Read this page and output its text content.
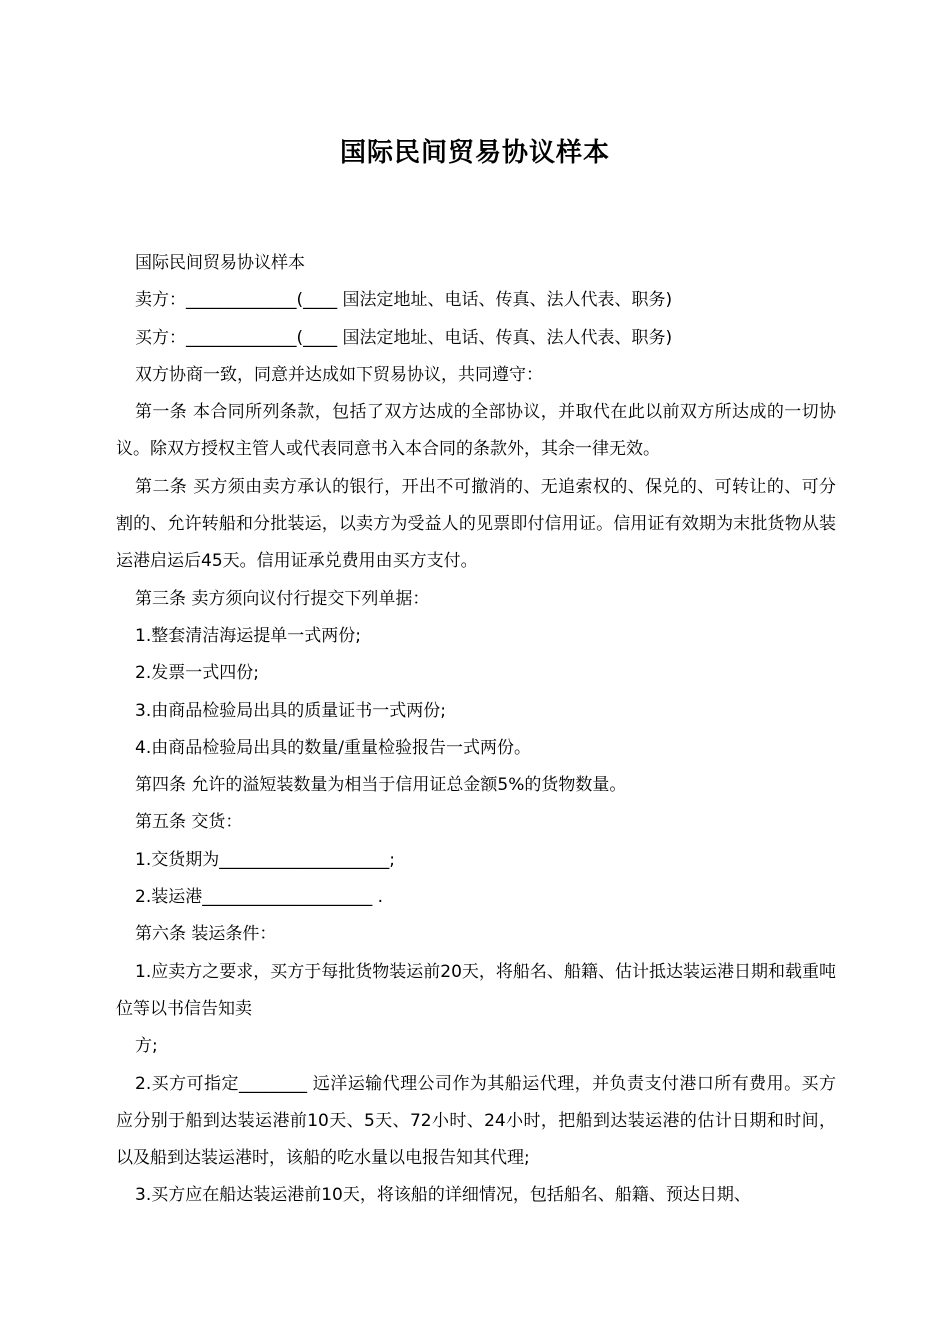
国际民间贸易协议样本

国际民间贸易协议样本

卖方：_____________(____ 国法定地址、电话、传真、法人代表、职务)

买方：_____________(____ 国法定地址、电话、传真、法人代表、职务)

双方协商一致，同意并达成如下贸易协议，共同遵守：

第一条 本合同所列条款，包括了双方达成的全部协议，并取代在此以前双方所达成的一切协议。除双方授权主管人或代表同意书入本合同的条款外，其余一律无效。

第二条 买方须由卖方承认的银行，开出不可撤消的、无追索权的、保兑的、可转让的、可分割的、允许转船和分批装运，以卖方为受益人的见票即付信用证。信用证有效期为末批货物从装运港启运后45天。信用证承兑费用由买方支付。

第三条 卖方须向议付行提交下列单据：

1.整套清洁海运提单一式两份;

2.发票一式四份;

3.由商品检验局出具的质量证书一式两份;

4.由商品检验局出具的数量/重量检验报告一式两份。

第四条 允许的溢短装数量为相当于信用证总金额5%的货物数量。

第五条 交货：

1.交货期为____________________;

2.装运港____________________ .

第六条 装运条件：

1.应卖方之要求，买方于每批货物装运前20天，将船名、船籍、估计抵达装运港日期和载重吨位等以书信告知卖

方;

2.买方可指定________ 远洋运输代理公司作为其船运代理，并负责支付港口所有费用。买方应分别于船到达装运港前10天、5天、72小时、24小时，把船到达装运港的估计日期和时间，以及船到达装运港时，该船的吃水量以电报告知其代理;

3.买方应在船达装运港前10天，将该船的详细情况，包括船名、船籍、预达日期、
